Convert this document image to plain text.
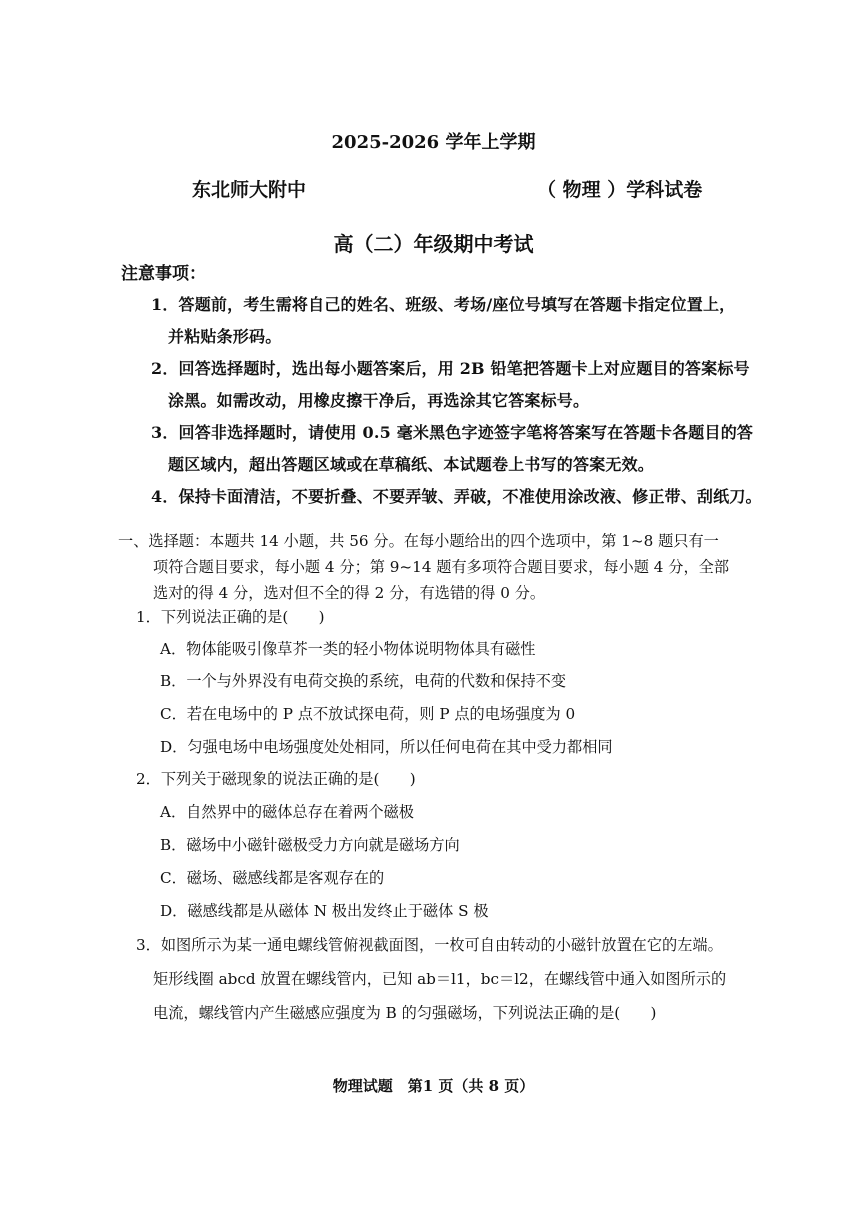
2025-2026 学年上学期
东北师大附中	（ 物理 ）学科试卷
高（二）年级期中考试
注意事项：
1．答题前，考生需将自己的姓名、班级、考场/座位号填写在答题卡指定位置上，
并粘贴条形码。
2．回答选择题时，选出每小题答案后，用 2B 铅笔把答题卡上对应题目的答案标号
涂黑。如需改动，用橡皮擦干净后，再选涂其它答案标号。
3．回答非选择题时，请使用 0.5 毫米黑色字迹签字笔将答案写在答题卡各题目的答
题区域内，超出答题区域或在草稿纸、本试题卷上书写的答案无效。
4．保持卡面清洁，不要折叠、不要弄皱、弄破，不准使用涂改液、修正带、刮纸刀。
一、选择题：本题共 14 小题，共 56 分。在每小题给出的四个选项中，第 1~8 题只有一
项符合题目要求，每小题 4 分；第 9~14 题有多项符合题目要求，每小题 4 分，全部
选对的得 4 分，选对但不全的得 2 分，有选错的得 0 分。
1．下列说法正确的是(　　)
A．物体能吸引像草芥一类的轻小物体说明物体具有磁性
B．一个与外界没有电荷交换的系统，电荷的代数和保持不变
C．若在电场中的 P 点不放试探电荷，则 P 点的电场强度为 0
D．匀强电场中电场强度处处相同，所以任何电荷在其中受力都相同
2．下列关于磁现象的说法正确的是(　　)
A．自然界中的磁体总存在着两个磁极
B．磁场中小磁针磁极受力方向就是磁场方向
C．磁场、磁感线都是客观存在的
D．磁感线都是从磁体 N 极出发终止于磁体 S 极
3．如图所示为某一通电螺线管俯视截面图，一枚可自由转动的小磁针放置在它的左端。
矩形线圈 abcd 放置在螺线管内，已知 ab＝l1，bc＝l2，在螺线管中通入如图所示的
电流，螺线管内产生磁感应强度为 B 的匀强磁场，下列说法正确的是(　　)
物理试题　第1 页（共 8 页）
